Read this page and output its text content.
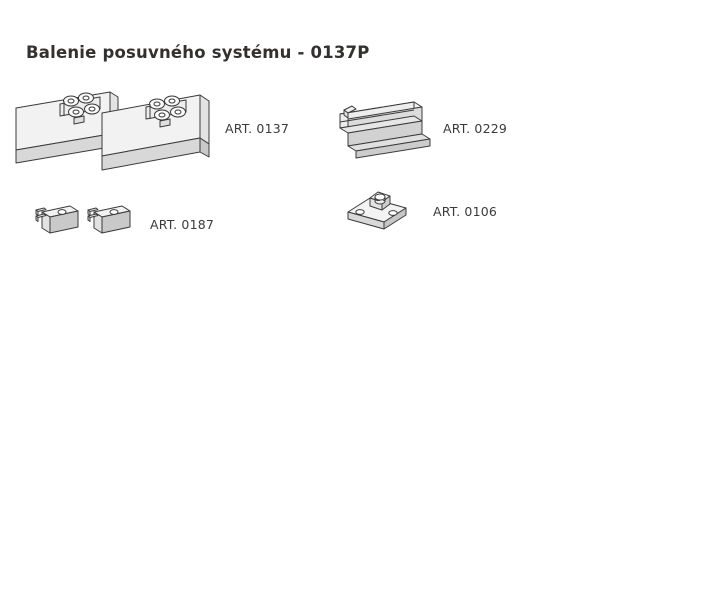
Balenie posuvného systému - 0137P
ART. 0137	ART. 0229
ART. 0187
ART. 0106
